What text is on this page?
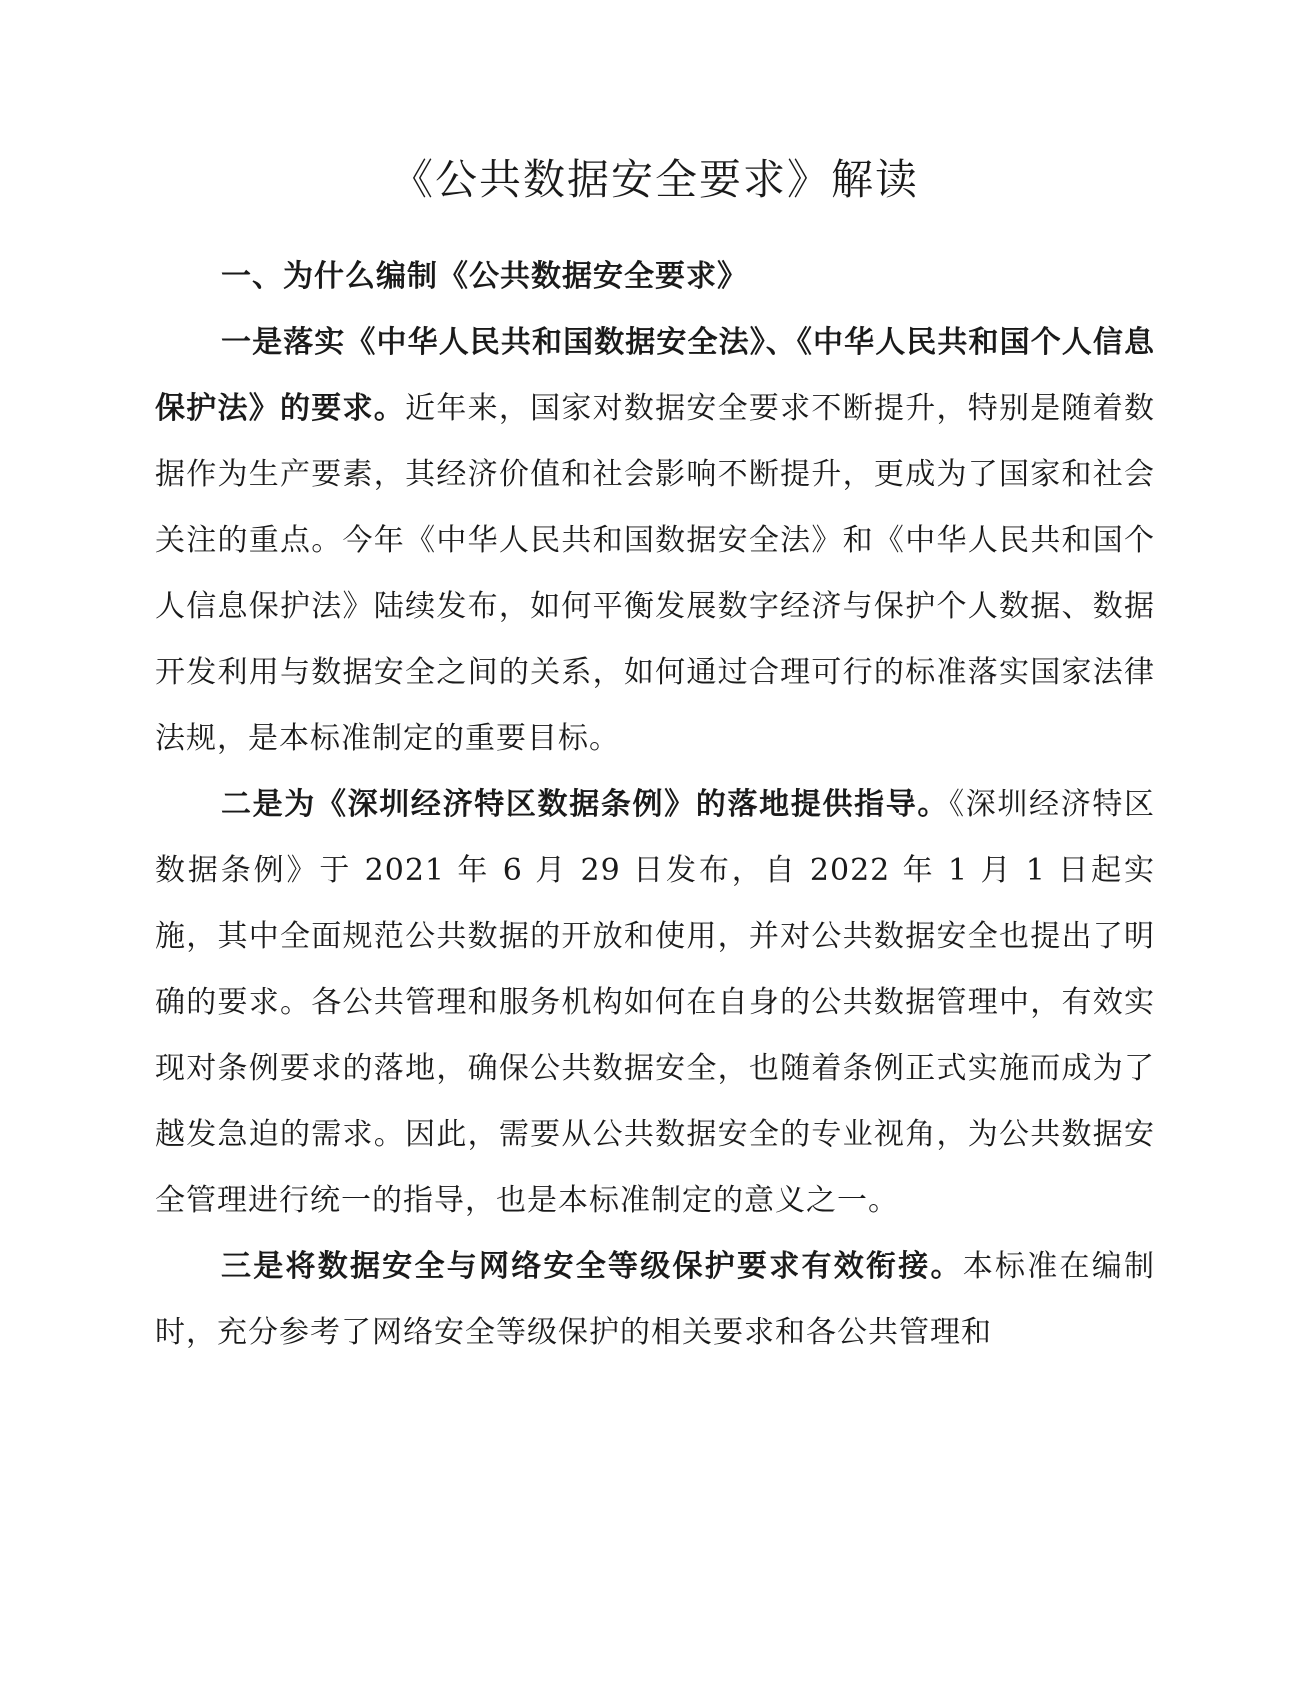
《公共数据安全要求》解读

一、为什么编制《公共数据安全要求》

一是落实《中华人民共和国数据安全法》、《中华人民共和国个人信息保护法》的要求。近年来，国家对数据安全要求不断提升，特别是随着数据作为生产要素，其经济价值和社会影响不断提升，更成为了国家和社会关注的重点。今年《中华人民共和国数据安全法》和《中华人民共和国个人信息保护法》陆续发布，如何平衡发展数字经济与保护个人数据、数据开发利用与数据安全之间的关系，如何通过合理可行的标准落实国家法律法规，是本标准制定的重要目标。

二是为《深圳经济特区数据条例》的落地提供指导。《深圳经济特区数据条例》于 2021 年 6 月 29 日发布，自 2022 年 1 月 1 日起实施，其中全面规范公共数据的开放和使用，并对公共数据安全也提出了明确的要求。各公共管理和服务机构如何在自身的公共数据管理中，有效实现对条例要求的落地，确保公共数据安全，也随着条例正式实施而成为了越发急迫的需求。因此，需要从公共数据安全的专业视角，为公共数据安全管理进行统一的指导，也是本标准制定的意义之一。

三是将数据安全与网络安全等级保护要求有效衔接。本标准在编制时，充分参考了网络安全等级保护的相关要求和各公共管理和
